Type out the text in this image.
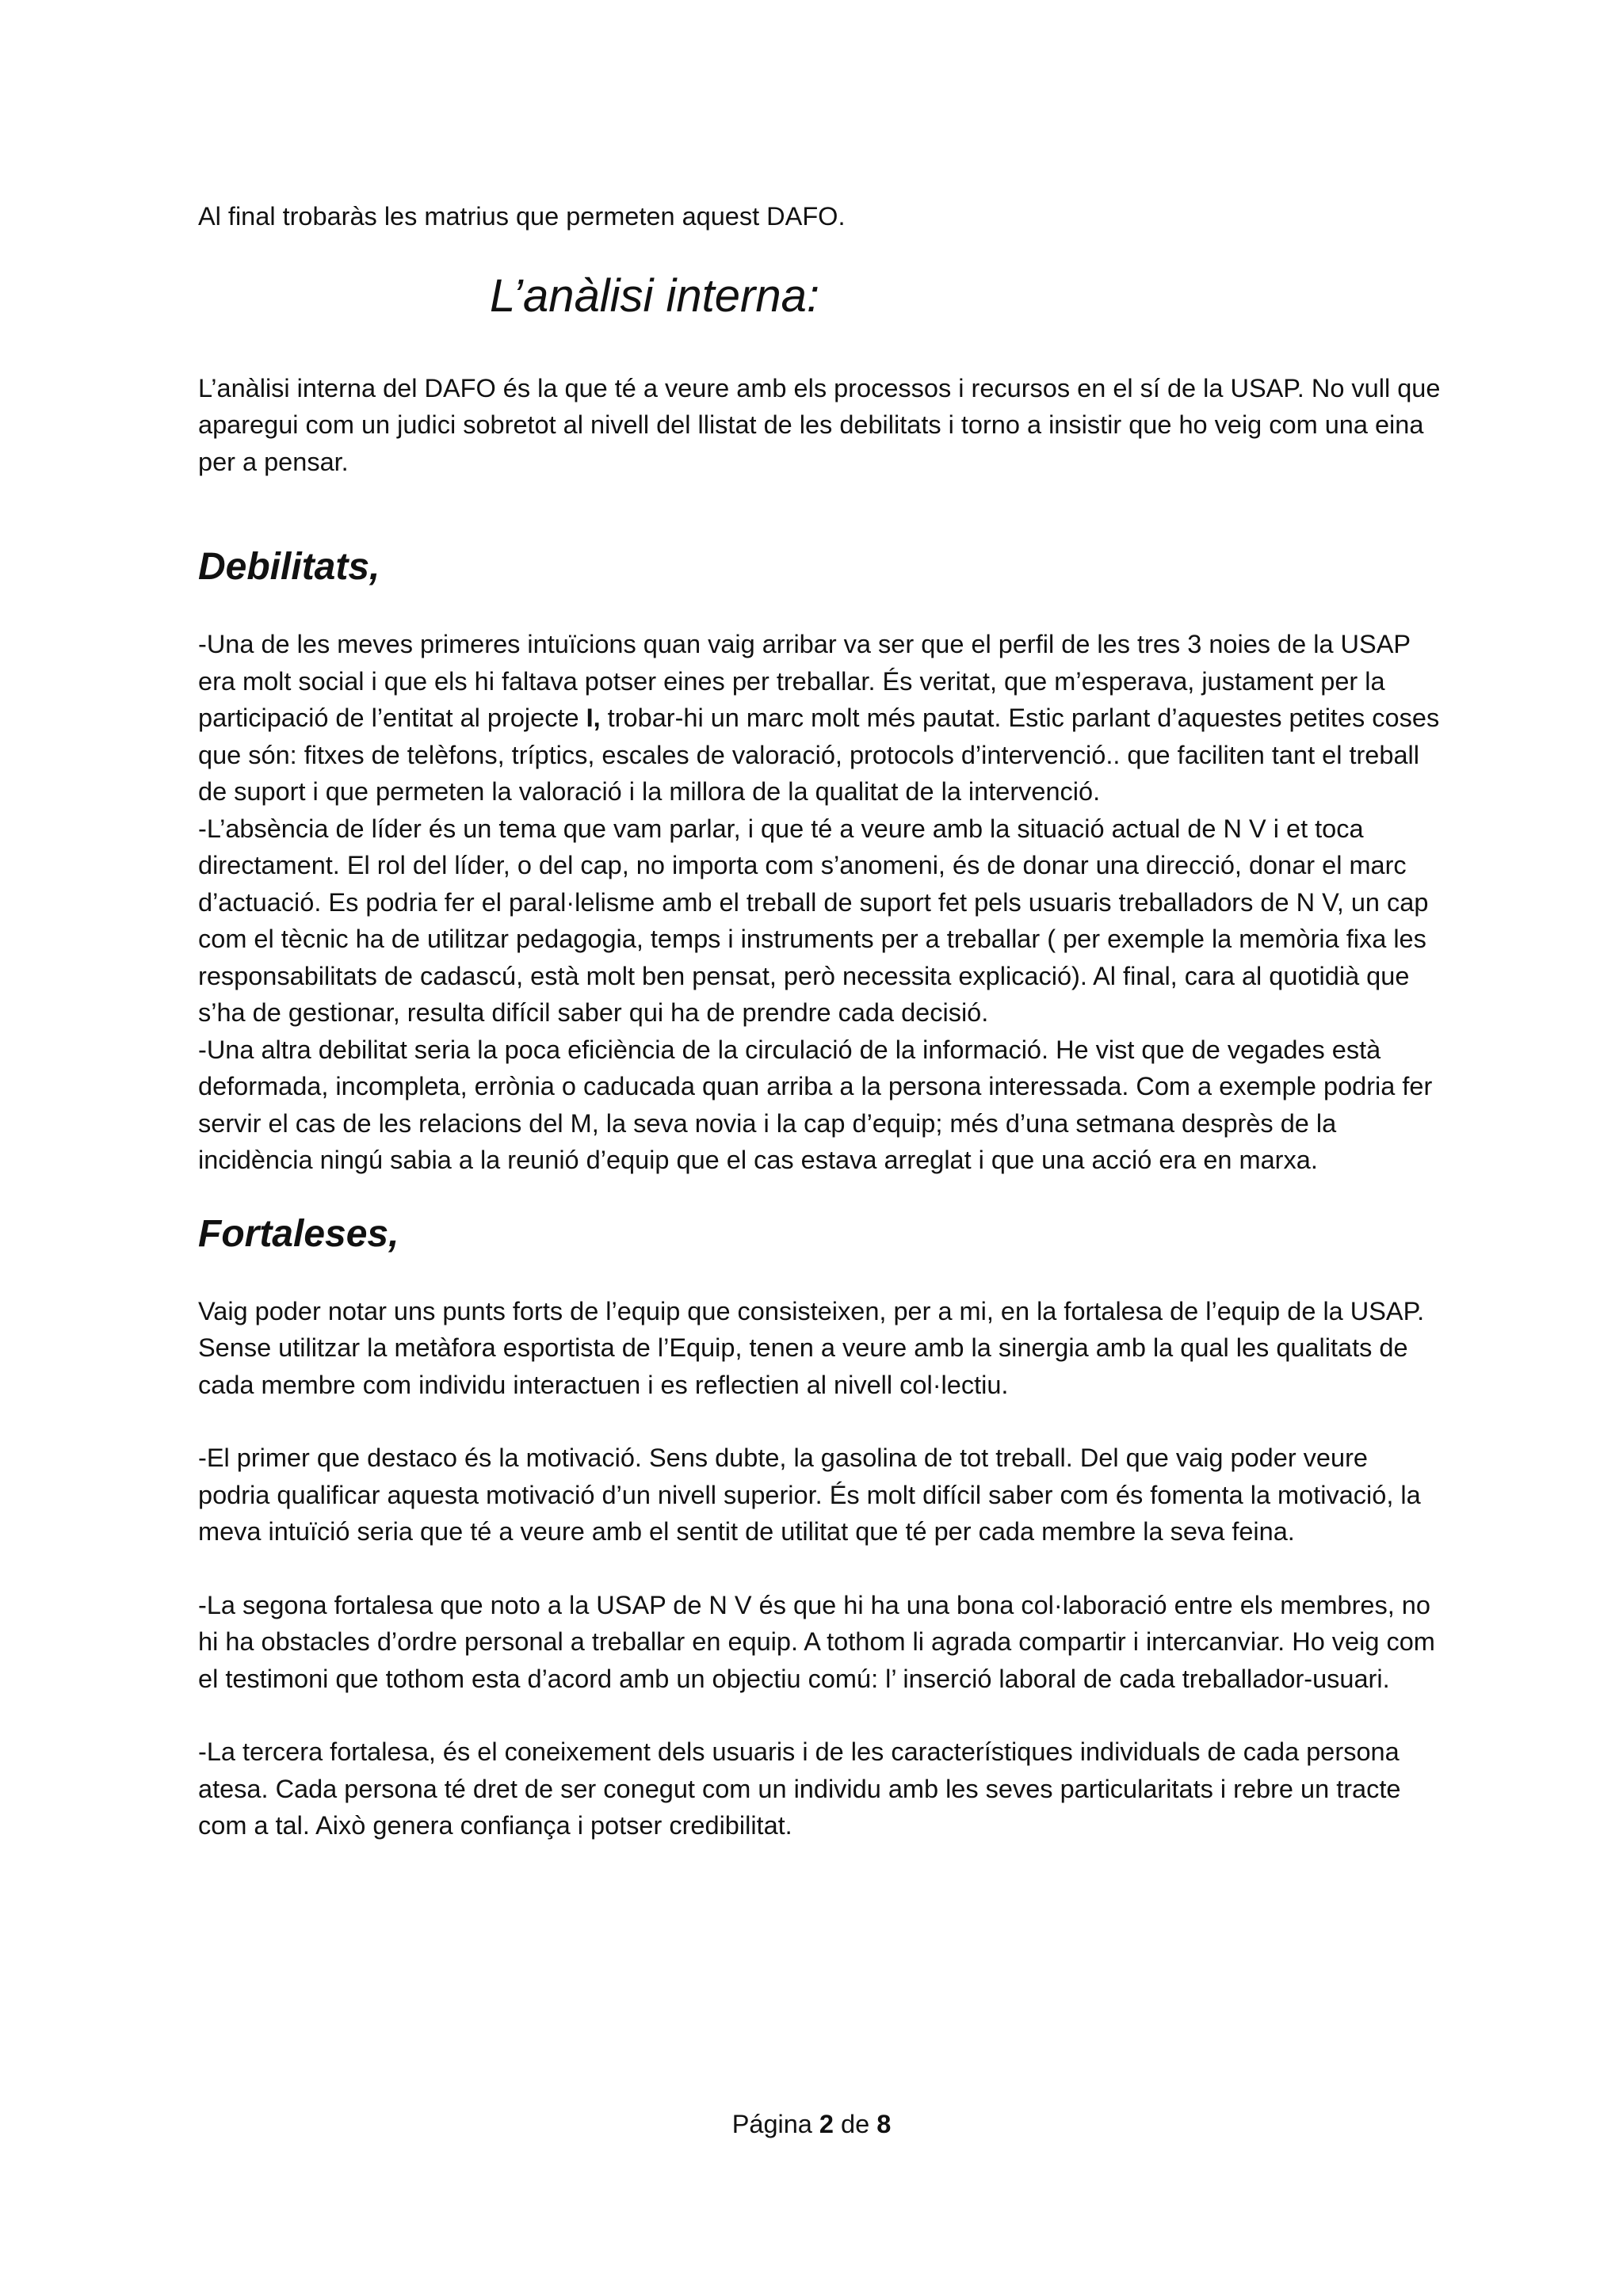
Al final trobaràs les matrius que permeten aquest DAFO.

L’anàlisi interna:

L’anàlisi interna del DAFO és la que té a veure amb els processos i recursos en el sí de la USAP. No vull que aparegui com un judici sobretot al nivell del llistat de les debilitats i torno a insistir que ho veig com una eina per a pensar.

Debilitats,

-Una de les meves primeres intuïcions quan vaig arribar va ser que el perfil de les tres 3 noies de la USAP era molt social i que els hi faltava potser eines per treballar. És veritat, que m’esperava, justament per la participació de l’entitat al projecte I, trobar-hi un marc molt més pautat. Estic parlant d’aquestes petites coses que són: fitxes de telèfons, tríptics, escales de valoració, protocols d’intervenció.. que faciliten tant el treball de suport i que permeten la valoració i la millora de la qualitat de la intervenció.

-L’absència de líder és un tema que vam parlar, i que té a veure amb la situació actual de N V i et toca directament. El rol del líder, o del cap, no importa com s’anomeni, és de donar una direcció, donar el marc d’actuació. Es podria fer el paral·lelisme amb el treball de suport fet pels usuaris treballadors de N V, un cap com el tècnic ha de utilitzar pedagogia, temps i instruments per a treballar ( per exemple la memòria fixa les responsabilitats de cadascú, està molt ben pensat, però necessita explicació). Al final, cara al quotidià que s’ha de gestionar, resulta difícil saber qui ha de prendre cada decisió.

-Una altra debilitat seria la poca eficiència de la circulació de la informació. He vist que de vegades està deformada, incompleta, errònia o caducada quan arriba a la persona interessada. Com a exemple podria fer servir el cas de les relacions del M, la seva novia i la cap d’equip; més d’una setmana desprès de la incidència ningú sabia a la reunió d’equip que el cas estava arreglat i que una acció era en marxa.

Fortaleses,

Vaig poder notar uns punts forts de l’equip que consisteixen, per a mi, en la fortalesa de l’equip de la USAP. Sense utilitzar la metàfora esportista de l’Equip, tenen a veure amb la sinergia amb la qual les qualitats de cada membre com individu interactuen i es reflectien al nivell col·lectiu.

-El primer que destaco és la motivació. Sens dubte, la gasolina de tot treball. Del que vaig poder veure podria qualificar aquesta motivació d’un nivell superior. És molt difícil saber com és fomenta la motivació, la meva intuïció seria que té a veure amb el sentit de utilitat que té per cada membre la seva feina.

-La segona fortalesa que noto a la USAP de N V és que hi ha una bona col·laboració entre els membres, no hi ha obstacles d’ordre personal a treballar en equip. A tothom li agrada compartir i intercanviar. Ho veig com el testimoni que tothom esta d’acord amb un objectiu comú: l’ inserció laboral de cada treballador-usuari.

-La tercera fortalesa, és el coneixement dels usuaris i de les característiques individuals de cada persona atesa. Cada persona té dret de ser conegut com un individu amb les seves particularitats i rebre un tracte com a tal. Això genera confiança i potser credibilitat.

Página 2 de 8
